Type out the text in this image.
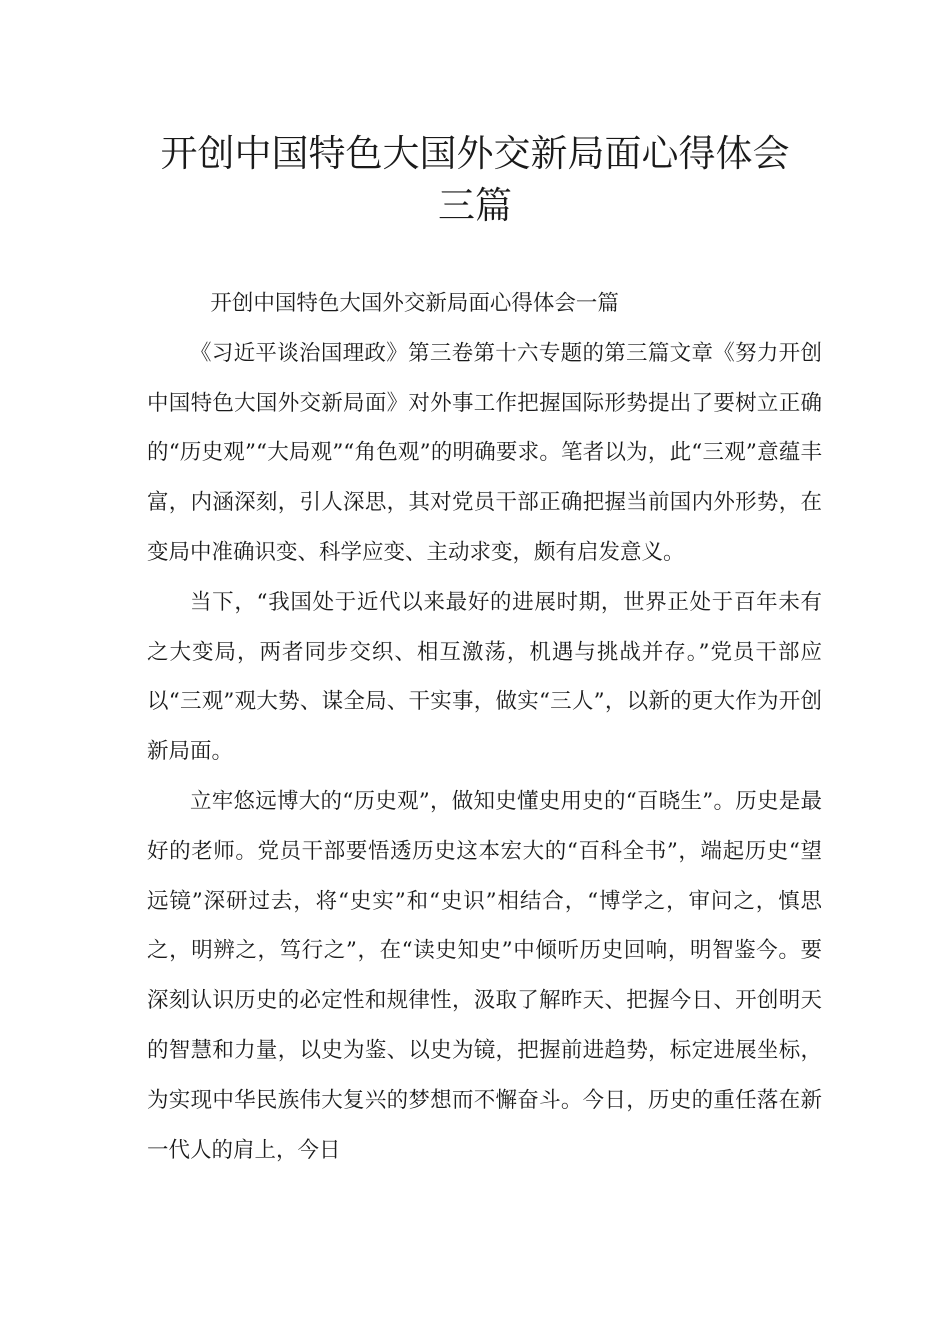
开创中国特色大国外交新局面心得体会
三篇

开创中国特色大国外交新局面心得体会一篇

《习近平谈治国理政》第三卷第十六专题的第三篇文章《努力开创中国特色大国外交新局面》对外事工作把握国际形势提出了要树立正确的“历史观”“大局观”“角色观”的明确要求。笔者以为，此“三观”意蕴丰富，内涵深刻，引人深思，其对党员干部正确把握当前国内外形势，在变局中准确识变、科学应变、主动求变，颇有启发意义。

当下，“我国处于近代以来最好的进展时期，世界正处于百年未有之大变局，两者同步交织、相互激荡，机遇与挑战并存。”党员干部应以“三观”观大势、谋全局、干实事，做实“三人”，以新的更大作为开创新局面。

立牢悠远博大的“历史观”，做知史懂史用史的“百晓生”。历史是最好的老师。党员干部要悟透历史这本宏大的“百科全书”，端起历史“望远镜”深研过去，将“史实”和“史识”相结合，“博学之，审问之，慎思之，明辨之，笃行之”，在“读史知史”中倾听历史回响，明智鉴今。要深刻认识历史的必定性和规律性，汲取了解昨天、把握今日、开创明天的智慧和力量，以史为鉴、以史为镜，把握前进趋势，标定进展坐标，为实现中华民族伟大复兴的梦想而不懈奋斗。今日，历史的重任落在新一代人的肩上，今日
